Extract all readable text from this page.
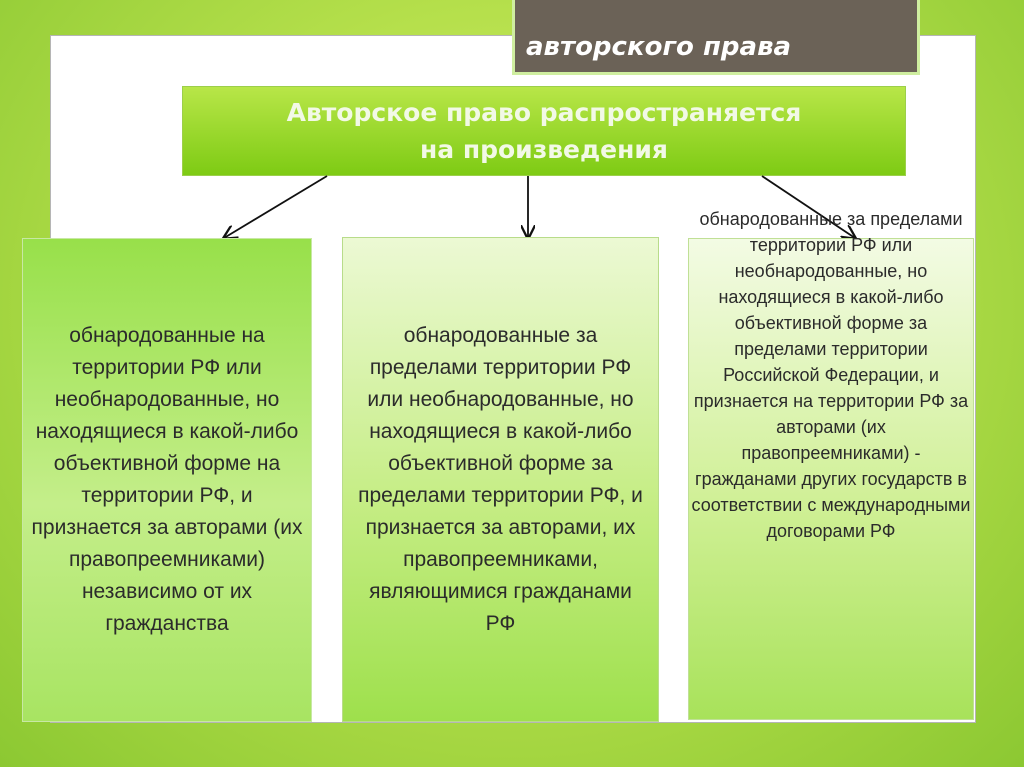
авторского права
Авторское право распространяется
на произведения
обнародованные на территории РФ или необнародованные, но находящиеся в какой-либо объективной форме на территории РФ, и признается за авторами (их правопреемниками) независимо от их гражданства
обнародованные за пределами территории РФ или необнародованные, но находящиеся в какой-либо объективной форме за пределами территории РФ, и признается за авторами, их правопреемниками, являющимися гражданами РФ
обнародованные за пределами территории РФ или необнародованные, но находящиеся в какой-либо объективной форме за пределами территории Российской Федерации, и признается на территории РФ за авторами (их правопреемниками) - гражданами других государств в соответствии с международными договорами РФ
